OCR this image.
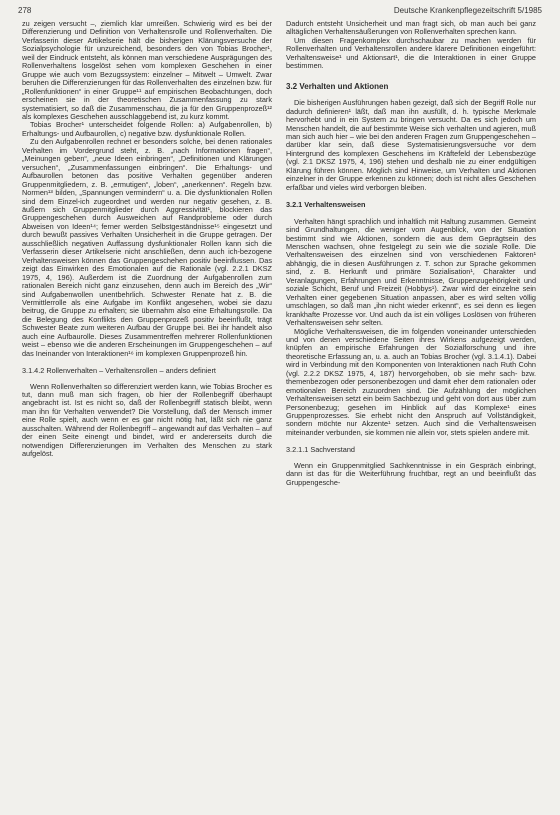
278	Deutsche Krankenpflegezeitschrift 5/1985

zu zeigen versucht –, ziemlich klar umreißen. Schwierig wird es bei der Differenzierung und Definition von Verhaltensrolle und Rollenverhalten. Die Verfasserin dieser Artikelserie hält die bisherigen Klärungsversuche der Sozialpsychologie für unzureichend, besonders den von Tobias Brocher¹, weil der Eindruck entsteht, als können man verschiedene Ausprägungen des Rollenverhaltens losgelöst sehen vom komplexen Geschehen in einer Gruppe wie auch vom Bezugssystem: einzelner – Mitwelt – Umwelt. Zwar beruhen die Differenzierungen für das Rollenverhalten des einzelnen bzw. für „Rollenfunktionen“ in einer Gruppe¹¹ auf empirischen Beobachtungen, doch erscheinen sie in der theoretischen Zusammenfassung zu stark systematisiert, so daß die Zusammenschau, die ja für den Gruppenprozeß¹² als komplexes Geschehen ausschlaggebend ist, zu kurz kommt.

Tobias Brocher¹ unterscheidet folgende Rollen: a) Aufgabenrollen, b) Erhaltungs- und Aufbaurollen, c) negative bzw. dysfunktionale Rollen.

Zu den Aufgabenrollen rechnet er besonders solche, bei denen rationales Verhalten im Vordergrund steht, z. B. „nach Informationen fragen“, „Meinungen geben“, „neue Ideen einbringen“, „Definitionen und Klärungen versuchen“, „Zusammenfassungen einbringen“. Die Erhaltungs- und Aufbaurollen betonen das positive Verhalten gegenüber anderen Gruppenmitgliedern, z. B. „ermutigen“, „loben“, „anerkennen“. Regeln bzw. Normen¹³ bilden, „Spannungen vermindern“ u. a. Die dysfunktionalen Rollen sind dem Einzel-ich zugeordnet und werden nur negativ gesehen, z. B. äußern sich Gruppenmitglieder durch Aggressivität¹, blockieren das Gruppengeschehen durch Ausweichen auf Randprobleme oder durch Abweisen von Ideen¹⁴; ferner werden Selbstgeständnisse¹⁵ eingesetzt und durch bewußt passives Verhalten Unsicherheit in die Gruppe getragen. Der ausschließlich negativen Auffassung dysfunktionaler Rollen kann sich die Verfasserin dieser Artikelserie nicht anschließen, denn auch ich-bezogene Verhaltensweisen können das Gruppengeschehen positiv beeinflussen. Das zeigt das Einwirken des Emotionalen auf die Rationale (vgl. 2.2.1 DKSZ 1975, 4, 196). Außerdem ist die Zuordnung der Aufgabenrollen zum rationalen Bereich nicht ganz einzusehen, denn auch im Bereich des „Wir“ sind Aufgabenwollen unentbehrlich. Schwester Renate hat z. B. die Vermittlerrolle als eine Aufgabe im Konflikt angesehen, wobei sie dazu beitrug, die Gruppe zu erhalten; sie übernahm also eine Erhaltungsrolle. Da die Belegung des Konflikts den Gruppenprozeß positiv beeinflußt, trägt Schwester Beate zum weiteren Aufbau der Gruppe bei. Bei ihr handelt also auch eine Aufbaurolle. Dieses Zusammentreffen mehrerer Rollenfunktionen weist – ebenso wie die anderen Erscheinungen im Gruppengeschehen – auf das Ineinander von Interaktionen¹⁶ im komplexen Gruppenprozeß hin.

3.1.4.2 Rollenverhalten – Verhaltensrollen – anders definiert

Wenn Rollenverhalten so differenziert werden kann, wie Tobias Brocher es tut, dann muß man sich fragen, ob hier der Rollenbegriff überhaupt angebracht ist. Ist es nicht so, daß der Rollenbegriff statisch bleibt, wenn man ihn für Verhalten verwendet? Die Vorstellung, daß der Mensch immer eine Rolle spielt, auch wenn er es gar nicht nötig hat, läßt sich nie ganz ausschalten. Während der Rollenbegriff – angewandt auf das Verhalten – auf der einen Seite einengt und bindet, wird er andererseits durch die notwendigen Differenzierungen im Verhalten des Menschen zu stark aufgelöst.

Dadurch entsteht Unsicherheit und man fragt sich, ob man auch bei ganz alltäglichen Verhaltensäußerungen von Rollenverhalten sprechen kann.

Um diesen Fragenkomplex durchschaubar zu machen werden für Rollenverhalten und Verhaltensrollen andere klarere Definitionen eingeführt: Verhaltensweise¹ und Aktionsart¹, die die Interaktionen in einer Gruppe bestimmen.

3.2 Verhalten und Aktionen

Die bisherigen Ausführungen haben gezeigt, daß sich der Begriff Rolle nur dadurch definieren¹ läßt, daß man ihn ausfüllt, d. h. typische Merkmale hervorhebt und in ein System zu bringen versucht. Da es sich jedoch um Menschen handelt, die auf bestimmte Weise sich verhalten und agieren, muß man sich auch hier – wie bei den anderen Fragen zum Gruppengeschehen – darüber klar sein, daß diese Systematisierungsversuche vor dem Hintergrund des komplexen Geschehens im Kräftefeld der Lebensbezüge (vgl. 2.1 DKSZ 1975, 4, 196) stehen und deshalb nie zu einer endgültigen Klärung führen können. Möglich sind Hinweise, um Verhalten und Aktionen einzelner in der Gruppe erkennen zu können; doch ist nicht alles Geschehen erfaßbar und vieles wird verborgen bleiben.

3.2.1 Verhaltensweisen

Verhalten hängt sprachlich und inhaltlich mit Haltung zusammen. Gemeint sind Grundhaltungen, die weniger vom Augenblick, von der Situation bestimmt sind wie Aktionen, sondern die aus dem Geprägtsein des Menschen wachsen, ohne festgelegt zu sein wie die soziale Rolle. Die Verhaltensweisen des einzelnen sind von verschiedenen Faktoren¹ abhängig, die in diesen Ausführungen z. T. schon zur Sprache gekommen sind, z. B. Herkunft und primäre Sozialisation¹, Charakter und Veranlagungen, Erfahrungen und Erkenntnisse, Gruppenzugehörigkeit und soziale Schicht, Beruf und Freizeit (Hobbys¹). Zwar wird der einzelne sein Verhalten einer gegebenen Situation anpassen, aber es wird selten völlig umschlagen, so daß man „ihn nicht wieder erkennt“, es sei denn es liegen krankhafte Prozesse vor. Und auch da ist ein völliges Loslösen von früheren Verhaltensweisen sehr selten.

Mögliche Verhaltensweisen, die im folgenden voneinander unterschieden und von denen verschiedene Seiten ihres Wirkens aufgezeigt werden, knüpfen an empirische Erfahrungen der Sozialforschung und ihre theoretische Erfassung an, u. a. auch an Tobias Brocher (vgl. 3.1.4.1). Dabei wird in Verbindung mit den Komponenten von Interaktionen nach Ruth Cohn (vgl. 2.2.2 DKSZ 1975, 4, 187) hervorgehoben, ob sie mehr sach- bzw. themenbezogen oder personenbezogen und damit eher dem rationalen oder emotionalen Bereich zuzuordnen sind. Die Aufzählung der möglichen Verhaltensweisen setzt ein beim Sachbezug und geht von dort aus über zum Personenbezug; gesehen im Hinblick auf das Komplexe¹ eines Gruppenprozesses. Sie erhebt nicht den Anspruch auf Vollständigkeit, sondern möchte nur Akzente¹ setzen. Auch sind die Verhaltensweisen miteinander verbunden, sie kommen nie allein vor, stets spielen andere mit.

3.2.1.1 Sachverstand

Wenn ein Gruppenmitglied Sachkenntnisse in ein Gespräch einbringt, dann ist das für die Weiterführung fruchtbar, regt an und beeinflußt das Gruppengesche-
